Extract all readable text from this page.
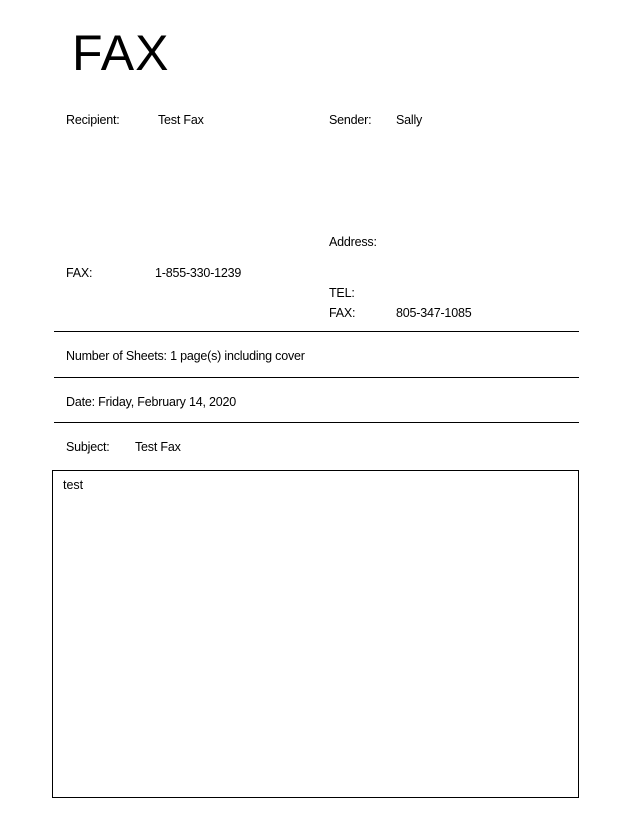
FAX
Recipient:	Test Fax
FAX:	1-855-330-1239
Sender: Sally
Address:
TEL:
FAX:	805-347-1085
Number of Sheets: 1 page(s) including cover
Date: Friday, February 14, 2020
Subject: Test Fax
test
